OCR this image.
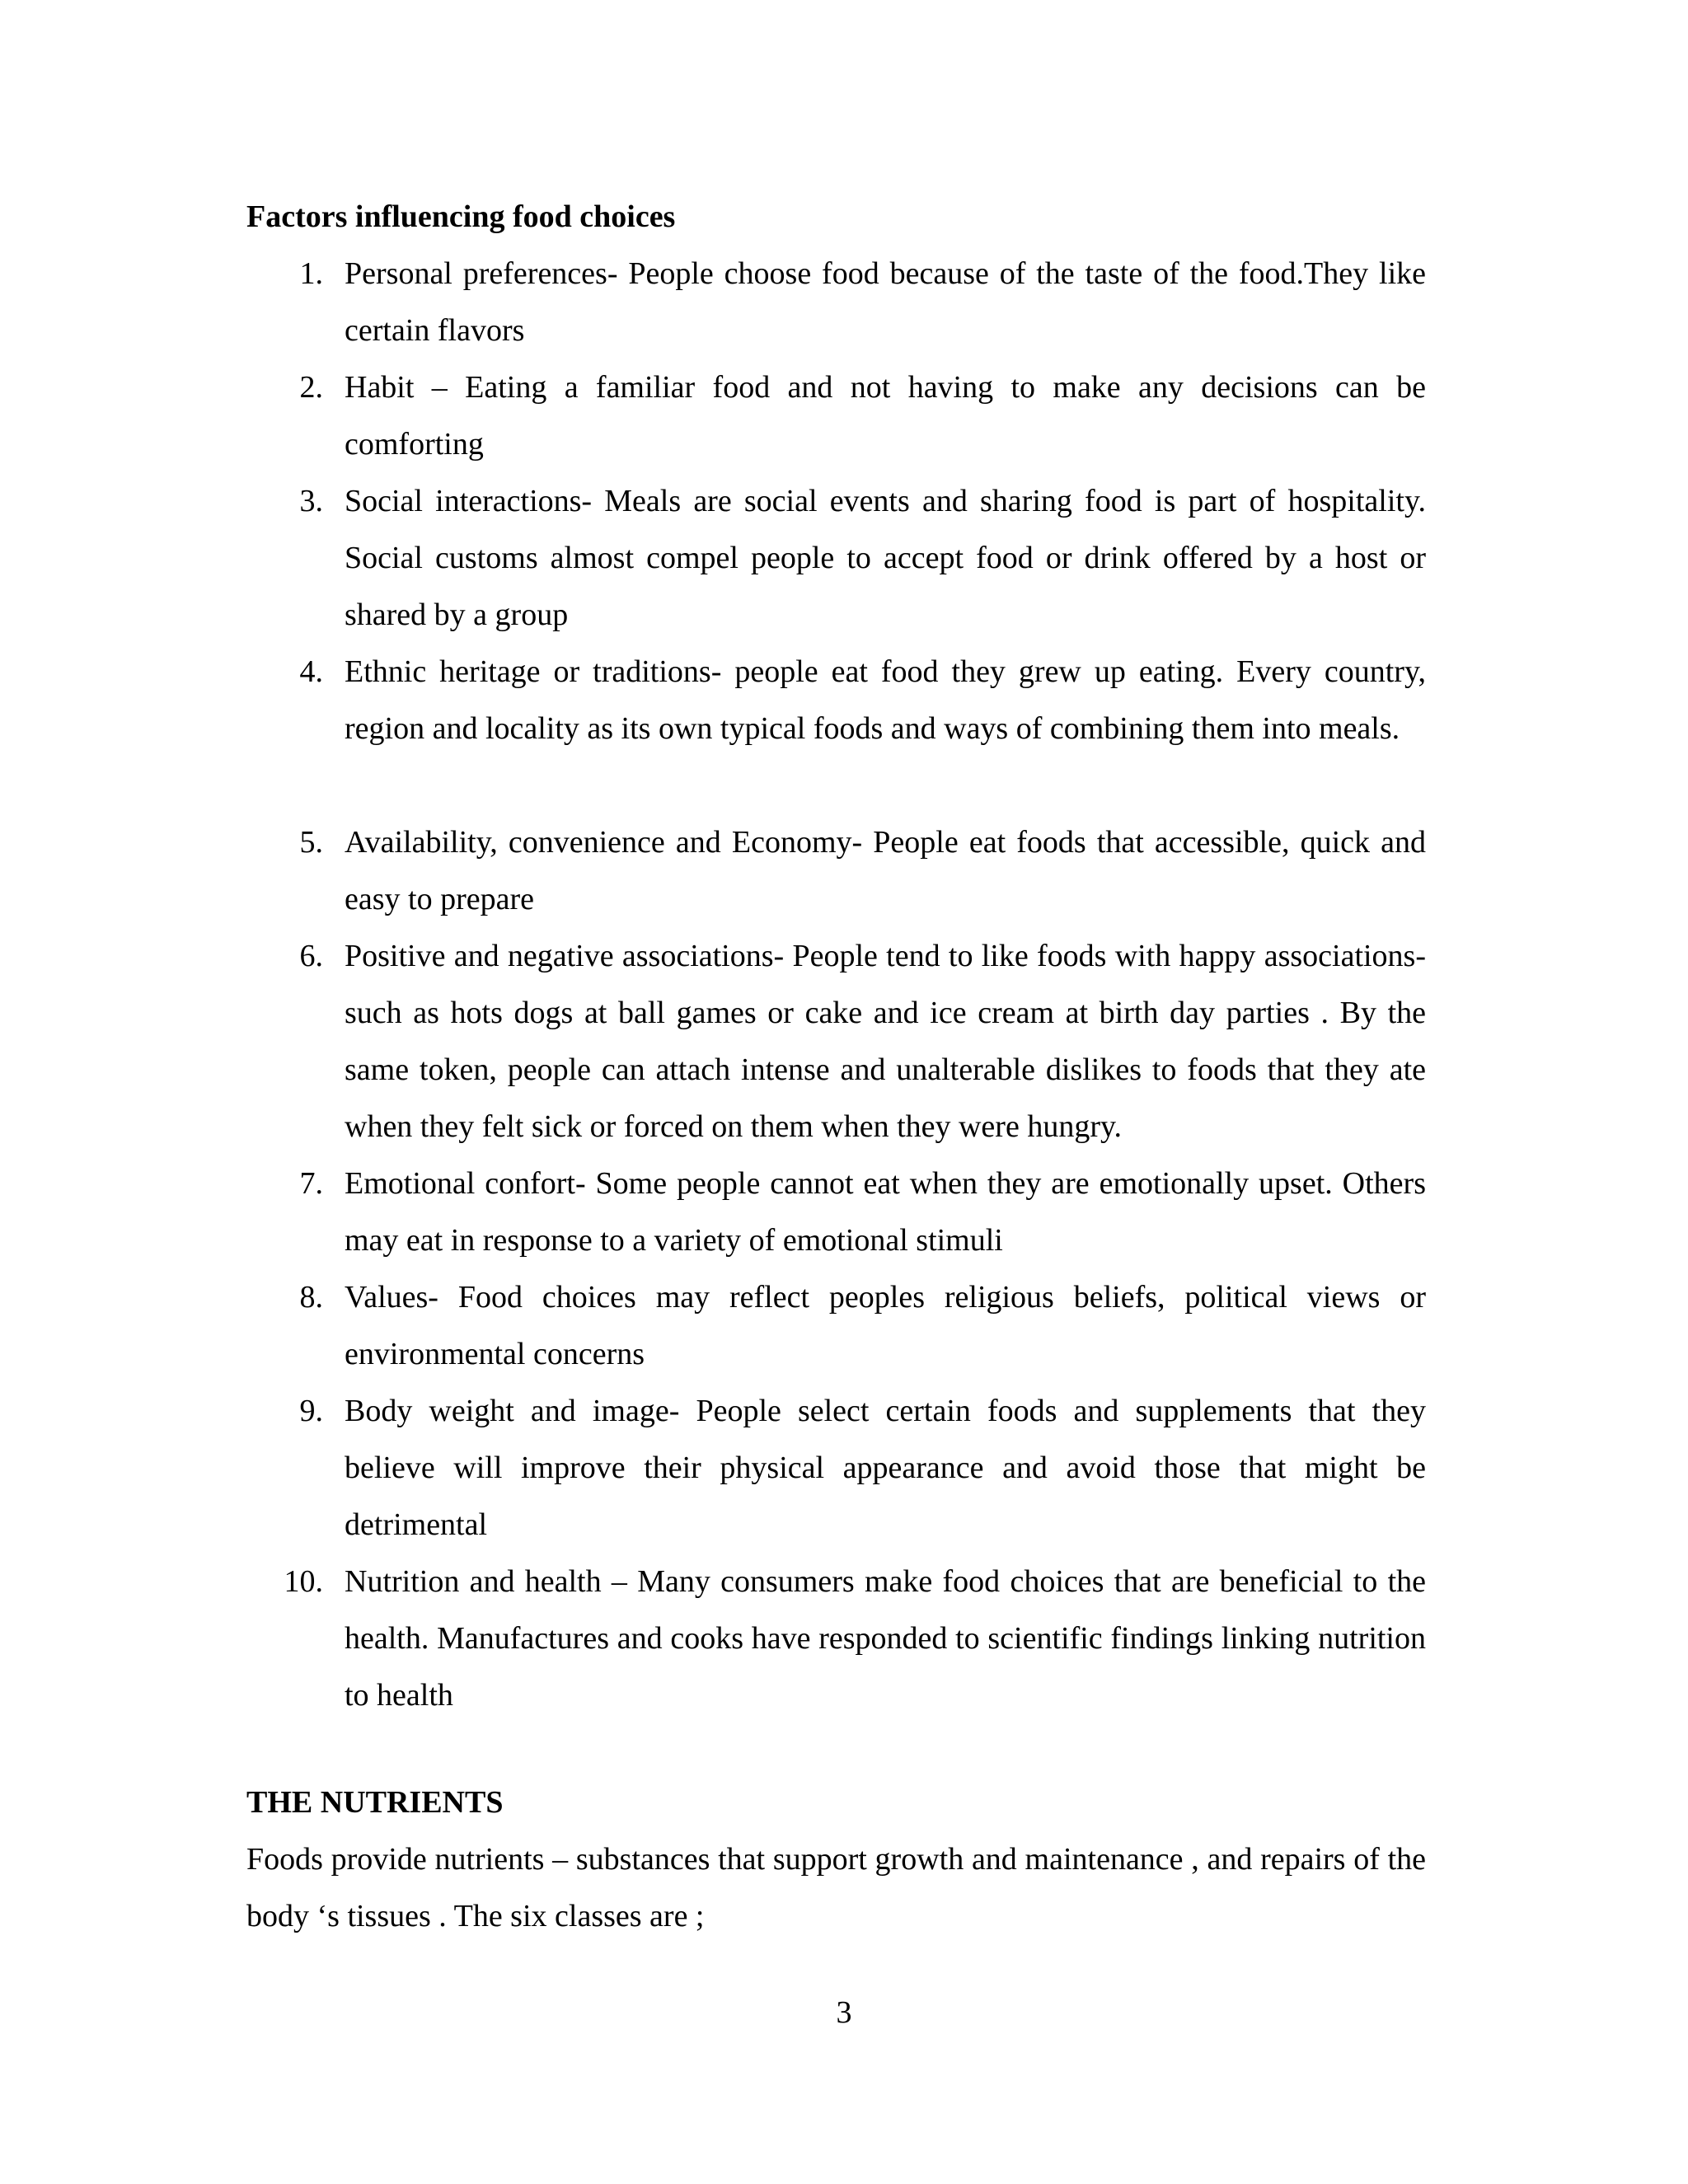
Factors influencing food choices
1. Personal preferences- People choose food because of the taste of the food.They like certain flavors
2. Habit – Eating a familiar food and not having to make any decisions can be comforting
3. Social interactions- Meals are social events and sharing food is part of hospitality. Social customs almost compel people to accept food or drink offered by a host or shared by a group
4. Ethnic heritage or traditions- people eat food they grew up eating. Every country, region and locality as its own typical foods and ways of combining them into meals.
5. Availability, convenience and Economy- People eat foods that accessible, quick and easy to prepare
6. Positive and negative associations- People tend to like foods with happy associations- such as hots dogs at ball games or cake and ice cream at birth day parties . By the same token, people can attach intense and unalterable dislikes to foods that they ate when they felt sick or forced on them when they were hungry.
7. Emotional confort- Some people cannot eat when they are emotionally upset. Others may eat in response to a variety of emotional stimuli
8. Values- Food choices may reflect peoples religious beliefs, political views or environmental concerns
9. Body weight and image- People select certain foods and supplements that they believe will improve their physical appearance and avoid those that might be detrimental
10. Nutrition and health – Many consumers make food choices that are beneficial to the health. Manufactures and cooks have responded to scientific findings linking nutrition to health
THE NUTRIENTS

Foods provide nutrients – substances that support growth and maintenance , and repairs of the body ‘s tissues . The six classes are ;

3
